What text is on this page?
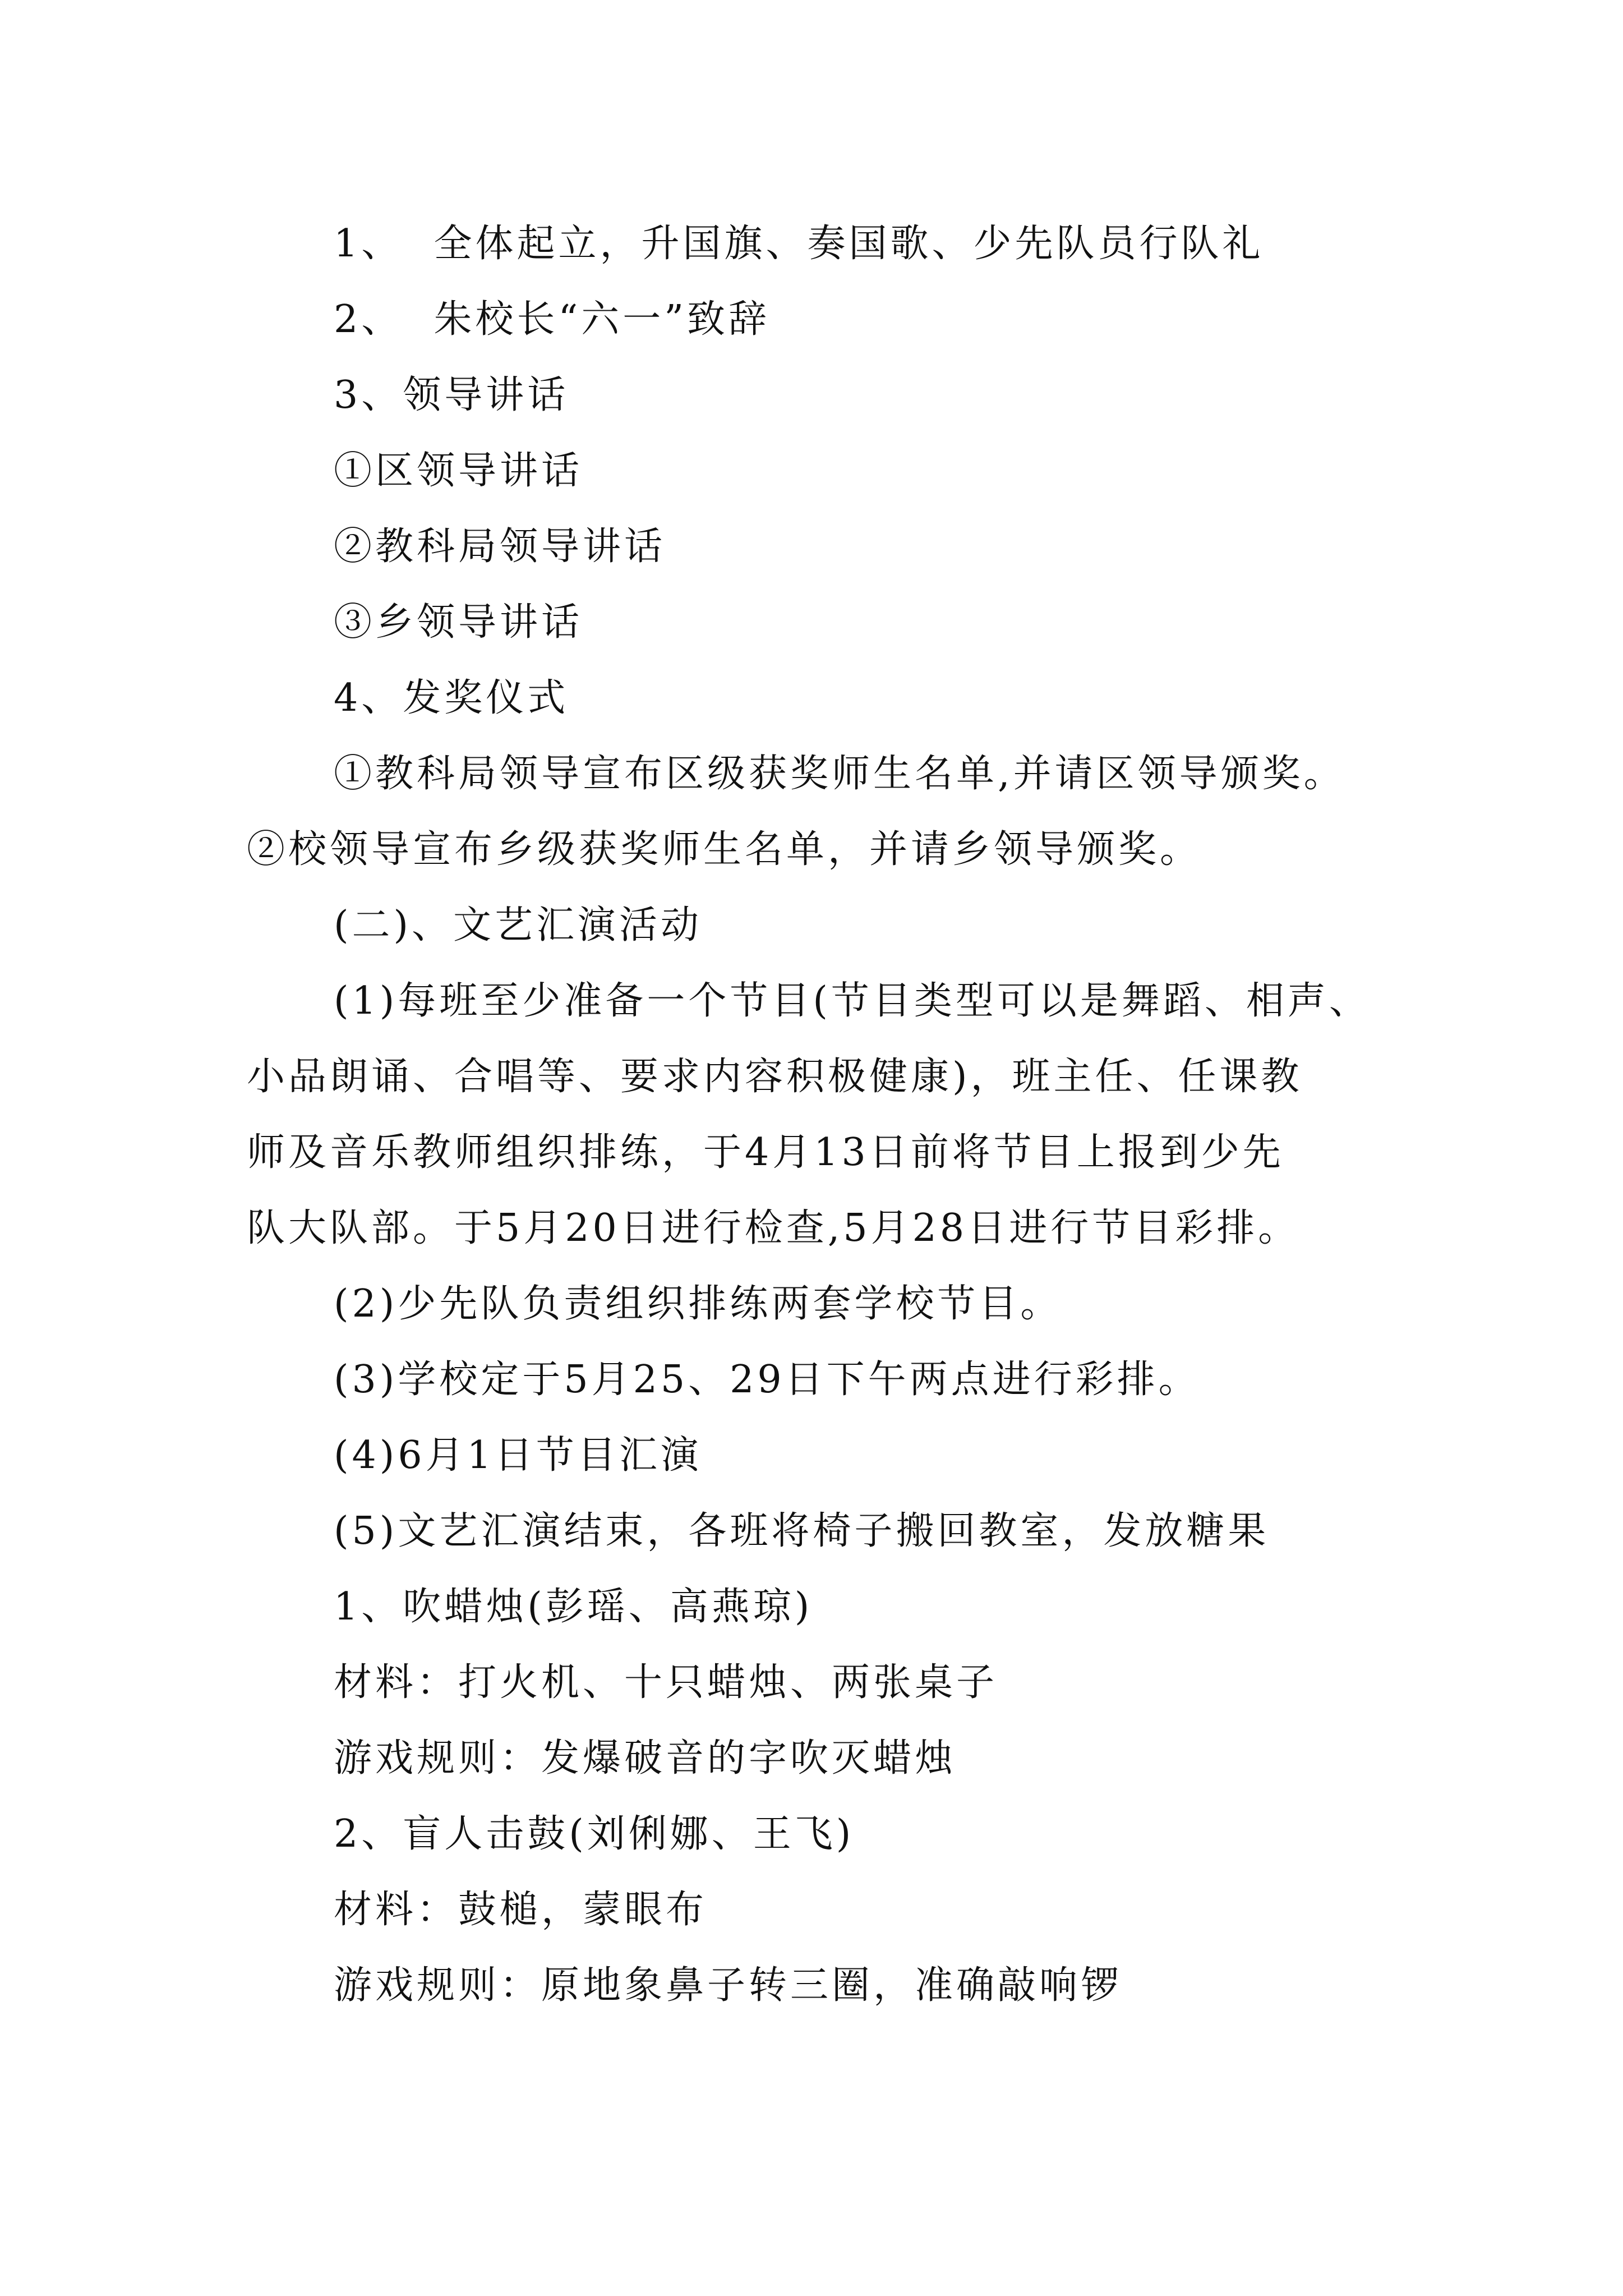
1、  全体起立，升国旗、奏国歌、少先队员行队礼
2、  朱校长“六一”致辞
3、领导讲话
①区领导讲话
②教科局领导讲话
③乡领导讲话
4、发奖仪式
①教科局领导宣布区级获奖师生名单,并请区领导颁奖。
②校领导宣布乡级获奖师生名单，并请乡领导颁奖。
(二)、文艺汇演活动
(1)每班至少准备一个节目(节目类型可以是舞蹈、相声、
小品朗诵、合唱等、要求内容积极健康)，班主任、任课教
师及音乐教师组织排练，于4月13日前将节目上报到少先
队大队部。于5月20日进行检查,5月28日进行节目彩排。
(2)少先队负责组织排练两套学校节目。
(3)学校定于5月25、29日下午两点进行彩排。
(4)6月1日节目汇演
(5)文艺汇演结束，各班将椅子搬回教室，发放糖果
1、吹蜡烛(彭瑶、高燕琼)
材料：打火机、十只蜡烛、两张桌子
游戏规则：发爆破音的字吹灭蜡烛
2、盲人击鼓(刘俐娜、王飞)
材料：鼓槌，蒙眼布
游戏规则：原地象鼻子转三圈，准确敲响锣
